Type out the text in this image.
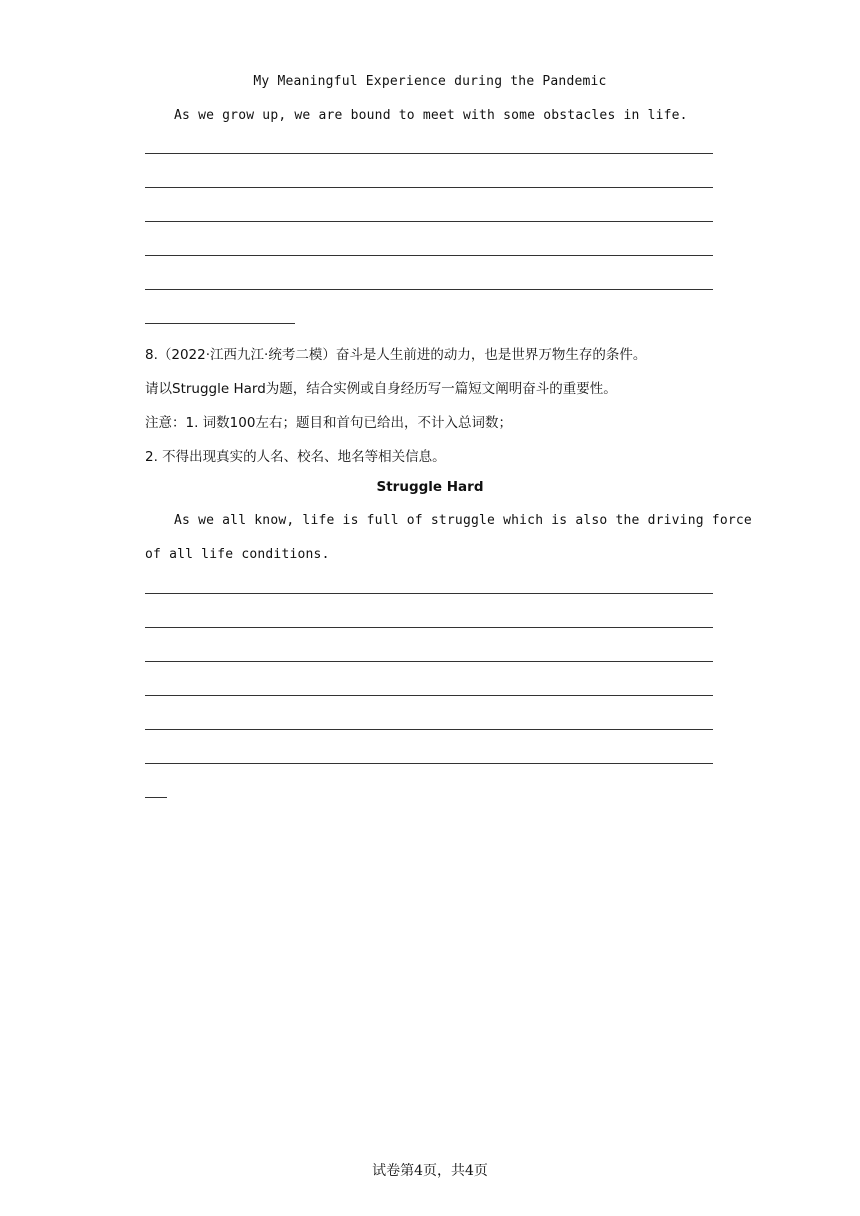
My Meaningful Experience during the Pandemic
As we grow up, we are bound to meet with some obstacles in life.
8.（2022·江西九江·统考二模）奋斗是人生前进的动力，也是世界万物生存的条件。
请以Struggle Hard为题，结合实例或自身经历写一篇短文阐明奋斗的重要性。
注意：1. 词数100左右；题目和首句已给出，不计入总词数；
2. 不得出现真实的人名、校名、地名等相关信息。
Struggle Hard
As we all know, life is full of struggle which is also the driving force
of all life conditions.
试卷第4页，共4页
